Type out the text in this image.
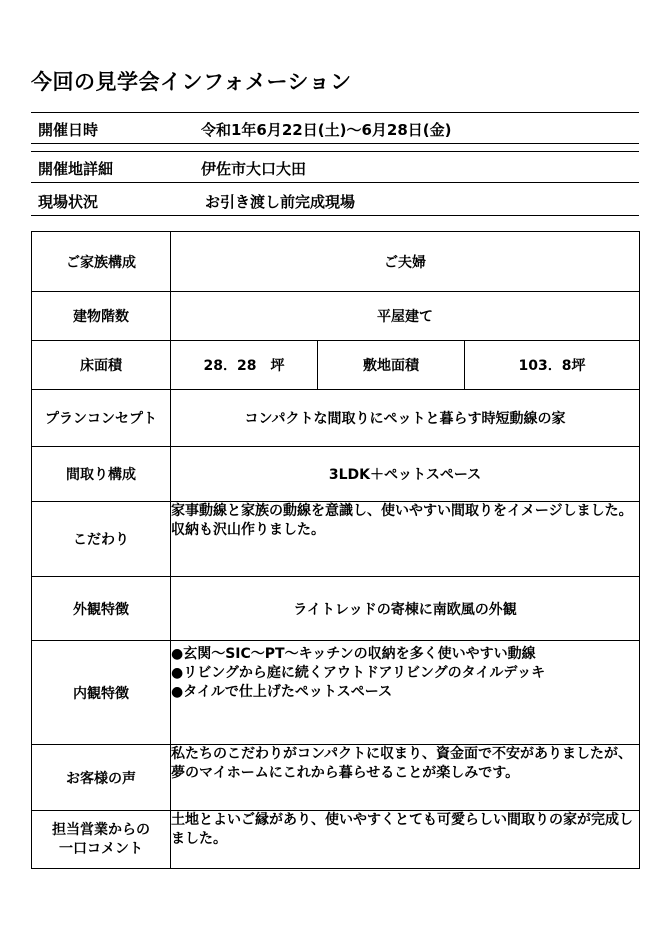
今回の見学会インフォメーション
開催日時	令和1年6月22日(土)～6月28日(金)
開催地詳細	伊佐市大口大田
現場状況	お引き渡し前完成現場
ご家族構成	ご夫婦		
建物階数	平屋建て		
床面積	28．28　坪	敷地面積	103．8坪
プランコンセプト	コンパクトな間取りにペットと暮らす時短動線の家		
間取り構成	3LDK＋ペットスペース		
こだわり	家事動線と家族の動線を意識し、使いやすい間取りをイメージしました。収納も沢山作りました。		
外観特徴	ライトレッドの寄棟に南欧風の外観		
内観特徴	●玄関～SIC～PT～キッチンの収納を多く使いやすい動線
●リビングから庭に続くアウトドアリビングのタイルデッキ
●タイルで仕上げたペットスペース		

お客様の声	私たちのこだわりがコンパクトに収まり、資金面で不安がありましたが、夢のマイホームにこれから暮らせることが楽しみです。		

担当営業からの
一口コメント	土地とよいご縁があり、使いやすくとても可愛らしい間取りの家が完成しました。		
